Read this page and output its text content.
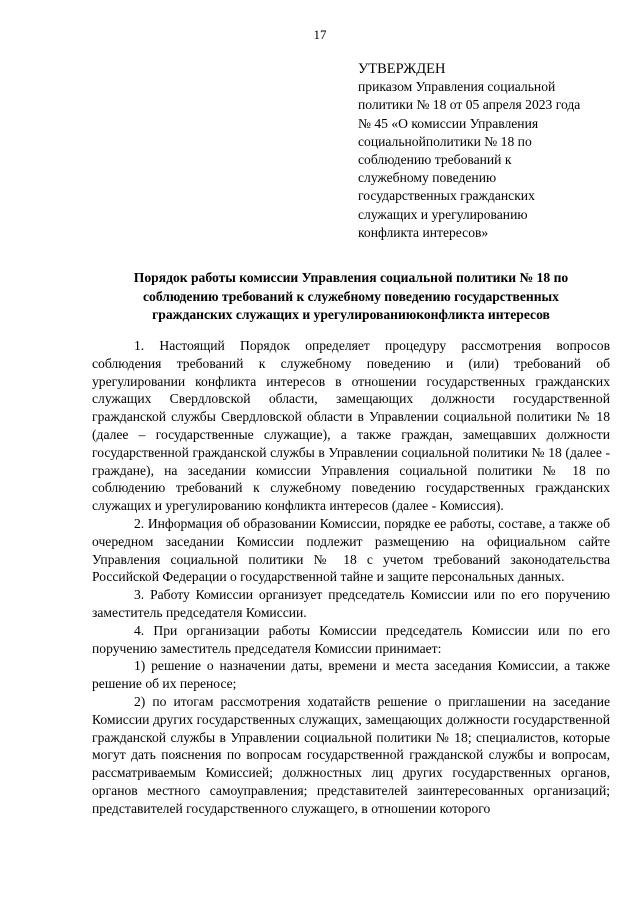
17
УТВЕРЖДЕН
приказом Управления социальной
политики № 18 от 05 апреля 2023 года
№ 45 «О комиссии Управления
социальнойполитики № 18 по
соблюдению требований к
служебному поведению
государственных гражданских
служащих и урегулированию
конфликта интересов»
Порядок работы комиссии Управления социальной политики № 18 по
соблюдению требований к служебному поведению государственных
гражданских служащих и урегулированиюконфликта интересов

1. Настоящий Порядок определяет процедуру рассмотрения вопросов соблюдения требований к служебному поведению и (или) требований об урегулировании конфликта интересов в отношении государственных гражданских служащих Свердловской области, замещающих должности государственной гражданской службы Свердловской области в Управлении социальной политики № 18 (далее – государственные служащие), а также граждан, замещавших должности государственной гражданской службы в Управлении социальной политики № 18 (далее - граждане), на заседании комиссии Управления социальной политики № 18 по соблюдению требований к служебному поведению государственных гражданских служащих и урегулированию конфликта интересов (далее - Комиссия).

2. Информация об образовании Комиссии, порядке ее работы, составе, а также об очередном заседании Комиссии подлежит размещению на официальном сайте Управления социальной политики № 18 с учетом требований законодательства Российской Федерации о государственной тайне и защите персональных данных.

3. Работу Комиссии организует председатель Комиссии или по его поручению заместитель председателя Комиссии.

4. При организации работы Комиссии председатель Комиссии или по его поручению заместитель председателя Комиссии принимает:

1) решение о назначении даты, времени и места заседания Комиссии, а также решение об их переносе;

2) по итогам рассмотрения ходатайств решение о приглашении на заседание Комиссии других государственных служащих, замещающих должности государственной гражданской службы в Управлении социальной политики № 18; специалистов, которые могут дать пояснения по вопросам государственной гражданской службы и вопросам, рассматриваемым Комиссией; должностных лиц других государственных органов, органов местного самоуправления; представителей заинтересованных организаций; представителей государственного служащего, в отношении которого
